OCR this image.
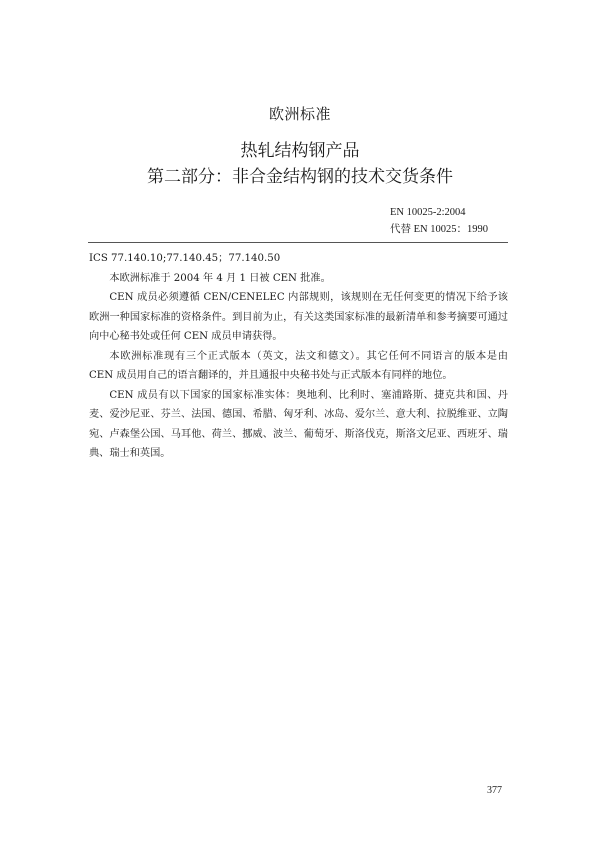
欧洲标准
热轧结构钢产品
第二部分：非合金结构钢的技术交货条件
EN 10025-2:2004
代替 EN 10025：1990

ICS 77.140.10;77.140.45；77.140.50

本欧洲标准于 2004 年 4 月 1 日被 CEN 批准。

CEN 成员必须遵循 CEN/CENELEC 内部规则，该规则在无任何变更的情况下给予该欧洲一种国家标准的资格条件。到目前为止，有关这类国家标准的最新清单和参考摘要可通过向中心秘书处或任何 CEN 成员申请获得。

本欧洲标准现有三个正式版本（英文，法文和德文）。其它任何不同语言的版本是由 CEN 成员用自己的语言翻译的，并且通报中央秘书处与正式版本有同样的地位。

CEN 成员有以下国家的国家标准实体：奥地利、比利时、塞浦路斯、捷克共和国、丹麦、爱沙尼亚、芬兰、法国、德国、希腊、匈牙利、冰岛、爱尔兰、意大利、拉脱维亚、立陶宛、卢森堡公国、马耳他、荷兰、挪威、波兰、葡萄牙、斯洛伐克，斯洛文尼亚、西班牙、瑞典、瑞士和英国。

377
